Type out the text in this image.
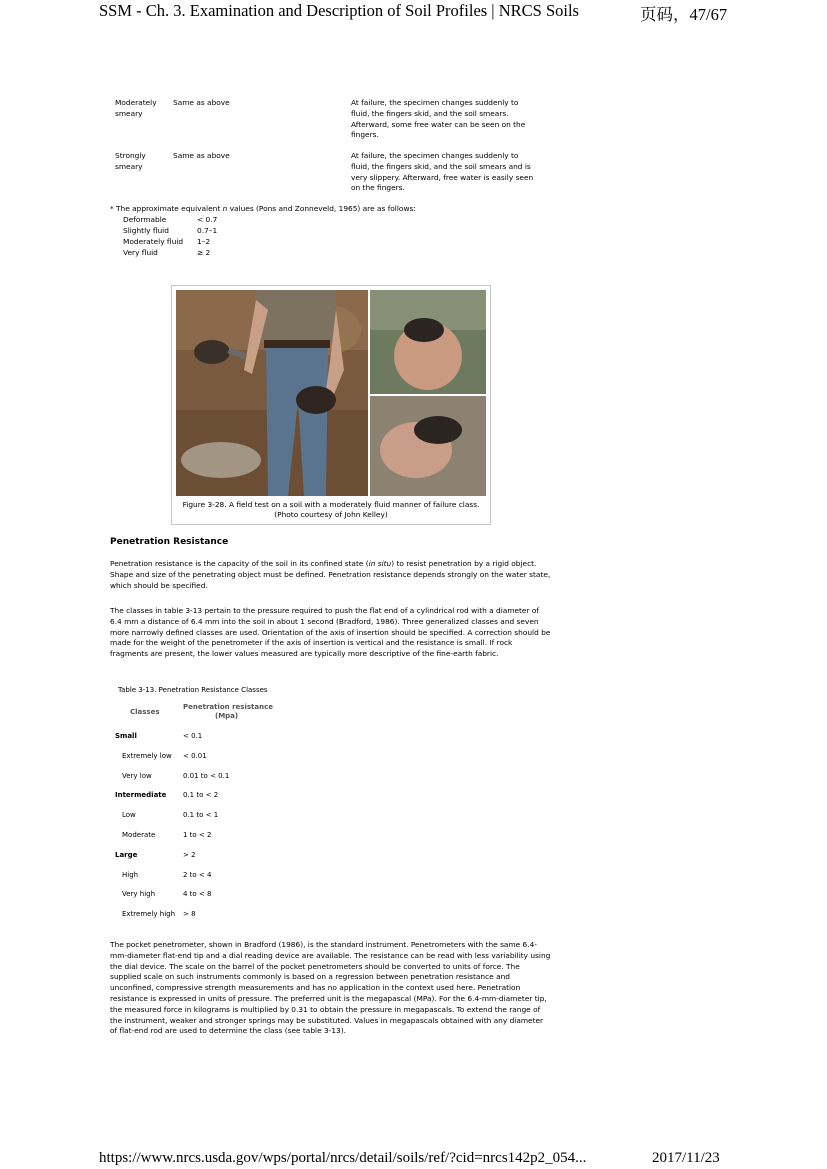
SSM - Ch. 3. Examination and Description of Soil Profiles | NRCS Soils	页码，47/67
Moderately
smeary
Same as above	At failure, the specimen changes suddenly to
fluid, the fingers skid, and the soil smears.
Afterward, some free water can be seen on the
fingers.
Strongly
smeary
Same as above	At failure, the specimen changes suddenly to
fluid, the fingers skid, and the soil smears and is
very slippery. Afterward, free water is easily seen
on the fingers.
* The approximate equivalent n values (Pons and Zonneveld, 1965) are as follows:
Deformable	< 0.7
Slightly fluid	0.7–1
Moderately fluid 1–2
Very fluid	≥ 2
Figure 3-28. A field test on a soil with a moderately fluid manner of failure class.
(Photo courtesy of John Kelley)
Penetration Resistance
Penetration resistance is the capacity of the soil in its confined state (in situ) to resist penetration by a rigid object. Shape and size of the penetrating object must be defined. Penetration resistance depends strongly on the water state, which should be specified.
The classes in table 3-13 pertain to the pressure required to push the flat end of a cylindrical rod with a diameter of 6.4 mm a distance of 6.4 mm into the soil in about 1 second (Bradford, 1986). Three generalized classes and seven more narrowly defined classes are used. Orientation of the axis of insertion should be specified. A correction should be made for the weight of the penetrometer if the axis of insertion is vertical and the resistance is small. If rock fragments are present, the lower values measured are typically more descriptive of the fine-earth fabric.
Table 3-13. Penetration Resistance Classes
Classes
Penetration resistance
(Mpa)
Small	< 0.1
Extremely low < 0.01
Very low	0.01 to < 0.1
Intermediate 0.1 to < 2
Low	0.1 to < 1
Moderate	1 to < 2
Large	> 2
High	2 to < 4
Very high	4 to < 8
Extremely high > 8
The pocket penetrometer, shown in Bradford (1986), is the standard instrument. Penetrometers with the same 6.4-mm-diameter flat-end tip and a dial reading device are available. The resistance can be read with less variability using the dial device. The scale on the barrel of the pocket penetrometers should be converted to units of force. The supplied scale on such instruments commonly is based on a regression between penetration resistance and unconfined, compressive strength measurements and has no application in the context used here. Penetration resistance is expressed in units of pressure. The preferred unit is the megapascal (MPa). For the 6.4-mm-diameter tip, the measured force in kilograms is multiplied by 0.31 to obtain the pressure in megapascals. To extend the range of the instrument, weaker and stronger springs may be substituted. Values in megapascals obtained with any diameter of flat-end rod are used to determine the class (see table 3-13).
https://www.nrcs.usda.gov/wps/portal/nrcs/detail/soils/ref/?cid=nrcs142p2_054...	2017/11/23
